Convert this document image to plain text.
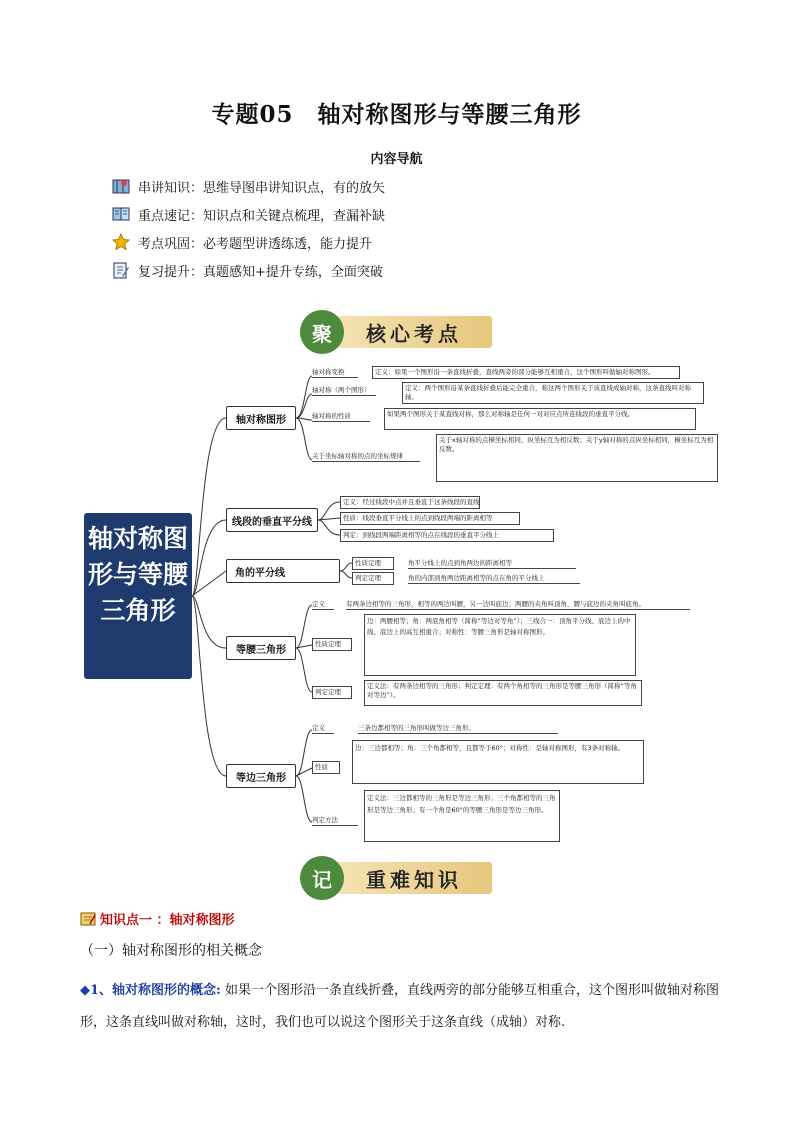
专题05　轴对称图形与等腰三角形
内容导航
串讲知识：思维导图串讲知识点，有的放矢
重点速记：知识点和关键点梳理，查漏补缺
考点巩固：必考题型讲透练透，能力提升
复习提升：真题感知+提升专练，全面突破
核心考点
聚
轴对称图形与等腰三角形
轴对称图形
线段的垂直平分线
角的平分线
等腰三角形
等边三角形
轴对称变换	定义：如果一个图形沿一条直线折叠，直线两旁的部分能够互相重合，这个图形叫做轴对称图形。
轴对称（两个图形）	定义：两个图形沿某条直线折叠后能完全重合，称这两个图形关于该直线成轴对称，这条直线叫对称轴。
轴对称的性质	如果两个图形关于某直线对称，那么对称轴是任何一对对应点所连线段的垂直平分线。
关于坐标轴对称的点的坐标规律
关于x轴对称的点横坐标相同，纵坐标互为相反数；关于y轴对称的点纵坐标相同，横坐标互为相反数。
定义：经过线段中点并且垂直于这条线段的直线
性质：线段垂直平分线上的点到线段两端的距离相等
判定：到线段两端距离相等的点在线段的垂直平分线上
性质定理	角平分线上的点到角两边的距离相等
判定定理	角的内部到角两边距离相等的点在角的平分线上
定义	有两条边相等的三角形，相等的两边叫腰，另一边叫底边；两腰的夹角叫顶角，腰与底边的夹角叫底角。
性质定理
边：两腰相等；角：两底角相等（简称“等边对等角”）；三线合一：顶角平分线、底边上的中线、底边上的高互相重合；对称性：等腰三角形是轴对称图形。
判定定理
定义法：有两条边相等的三角形；判定定理：有两个角相等的三角形是等腰三角形（简称“等角对等边”）。
定义	三条边都相等的三角形叫做等边三角形。
性质
边：三边都相等；角：三个角都相等，且都等于60°；对称性：是轴对称图形，有3条对称轴。
判定方法
定义法：三边都相等的三角形是等边三角形；三个角都相等的三角形是等边三角形；有一个角是60°的等腰三角形是等边三角形。
重难知识
记
知识点一 ：轴对称图形
（一）轴对称图形的相关概念
◆1、轴对称图形的概念: 如果一个图形沿一条直线折叠，直线两旁的部分能够互相重合，这个图形叫做轴对称图形，这条直线叫做对称轴，这时，我们也可以说这个图形关于这条直线（成轴）对称.
